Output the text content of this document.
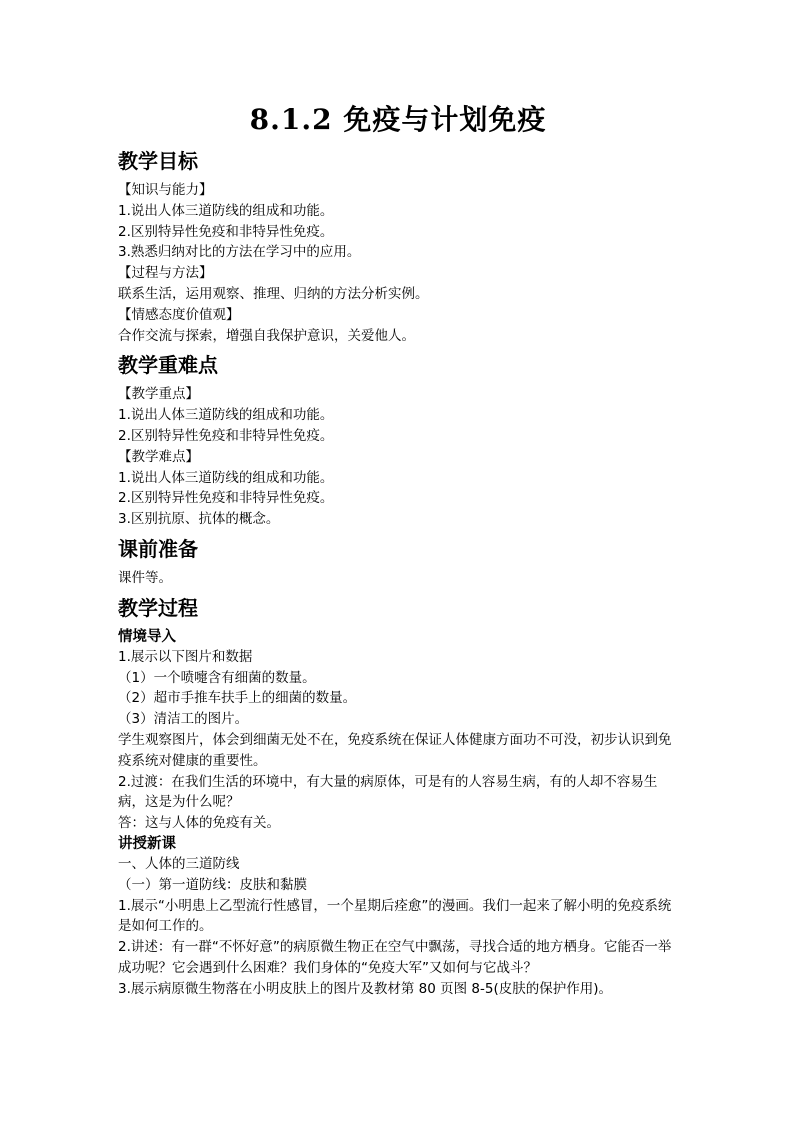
8.1.2 免疫与计划免疫
教学目标
【知识与能力】
1.说出人体三道防线的组成和功能。
2.区别特异性免疫和非特异性免疫。
3.熟悉归纳对比的方法在学习中的应用。
【过程与方法】
联系生活，运用观察、推理、归纳的方法分析实例。
【情感态度价值观】
合作交流与探索，增强自我保护意识，关爱他人。
教学重难点
【教学重点】
1.说出人体三道防线的组成和功能。
2.区别特异性免疫和非特异性免疫。
【教学难点】
1.说出人体三道防线的组成和功能。
2.区别特异性免疫和非特异性免疫。
3.区别抗原、抗体的概念。
课前准备
课件等。
教学过程
情境导入
1.展示以下图片和数据
（1）一个喷嚏含有细菌的数量。
（2）超市手推车扶手上的细菌的数量。
（3）清洁工的图片。
学生观察图片，体会到细菌无处不在，免疫系统在保证人体健康方面功不可没，初步认识到免疫系统对健康的重要性。
2.过渡：在我们生活的环境中，有大量的病原体，可是有的人容易生病，有的人却不容易生病，这是为什么呢？
答：这与人体的免疫有关。
讲授新课
一、人体的三道防线
（一）第一道防线：皮肤和黏膜
1.展示“小明患上乙型流行性感冒，一个星期后痊愈”的漫画。我们一起来了解小明的免疫系统是如何工作的。
2.讲述：有一群“不怀好意”的病原微生物正在空气中飘荡，寻找合适的地方栖身。它能否一举成功呢？它会遇到什么困难？我们身体的“免疫大军”又如何与它战斗？
3.展示病原微生物落在小明皮肤上的图片及教材第 80 页图 8-5(皮肤的保护作用)。
